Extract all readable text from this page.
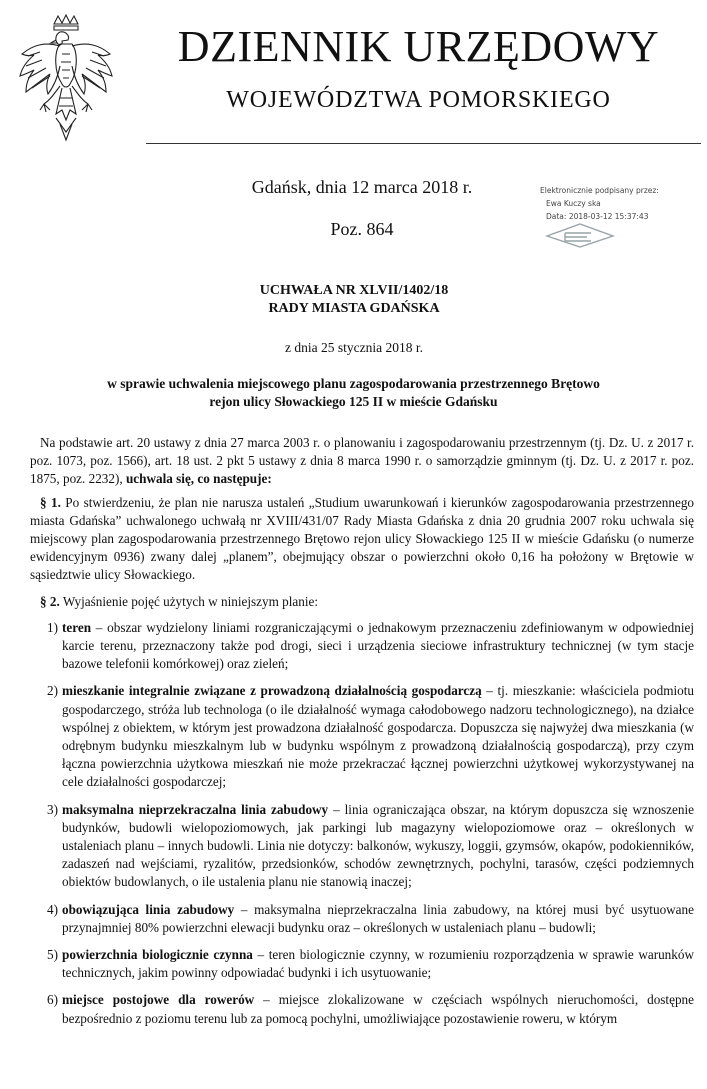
DZIENNIK URZĘDOWY
WOJEWÓDZTWA POMORSKIEGO
Gdańsk, dnia 12 marca 2018 r.
Poz. 864
Elektronicznie podpisany przez:
Ewa Kuczy ska
Data: 2018-03-12 15:37:43
UCHWAŁA NR XLVII/1402/18
RADY MIASTA GDAŃSKA
z dnia 25 stycznia 2018 r.
w sprawie uchwalenia miejscowego planu zagospodarowania przestrzennego Brętowo
rejon ulicy Słowackiego 125 II w mieście Gdańsku

Na podstawie art. 20 ustawy z dnia 27 marca 2003 r. o planowaniu i zagospodarowaniu przestrzennym (tj. Dz. U. z 2017 r. poz. 1073, poz. 1566), art. 18 ust. 2 pkt 5 ustawy z dnia 8 marca 1990 r. o samorządzie gminnym (tj. Dz. U. z 2017 r. poz. 1875, poz. 2232), uchwala się, co następuje:

§ 1. Po stwierdzeniu, że plan nie narusza ustaleń „Studium uwarunkowań i kierunków zagospodarowania przestrzennego miasta Gdańska” uchwalonego uchwałą nr XVIII/431/07 Rady Miasta Gdańska z dnia 20 grudnia 2007 roku uchwala się miejscowy plan zagospodarowania przestrzennego Brętowo rejon ulicy Słowackiego 125 II w mieście Gdańsku (o numerze ewidencyjnym 0936) zwany dalej „planem”, obejmujący obszar o powierzchni około 0,16 ha położony w Brętowie w sąsiedztwie ulicy Słowackiego.

§ 2. Wyjaśnienie pojęć użytych w niniejszym planie:

1) teren – obszar wydzielony liniami rozgraniczającymi o jednakowym przeznaczeniu zdefiniowanym w odpowiedniej karcie terenu, przeznaczony także pod drogi, sieci i urządzenia sieciowe infrastruktury technicznej (w tym stacje bazowe telefonii komórkowej) oraz zieleń;
2) mieszkanie integralnie związane z prowadzoną działalnością gospodarczą – tj. mieszkanie: właściciela podmiotu gospodarczego, stróża lub technologa (o ile działalność wymaga całodobowego nadzoru technologicznego), na działce wspólnej z obiektem, w którym jest prowadzona działalność gospodarcza. Dopuszcza się najwyżej dwa mieszkania (w odrębnym budynku mieszkalnym lub w budynku wspólnym z prowadzoną działalnością gospodarczą), przy czym łączna powierzchnia użytkowa mieszkań nie może przekraczać łącznej powierzchni użytkowej wykorzystywanej na cele działalności gospodarczej;
3) maksymalna nieprzekraczalna linia zabudowy – linia ograniczająca obszar, na którym dopuszcza się wznoszenie budynków, budowli wielopoziomowych, jak parkingi lub magazyny wielopoziomowe oraz – określonych w ustaleniach planu – innych budowli. Linia nie dotyczy: balkonów, wykuszy, loggii, gzymsów, okapów, podokienników, zadaszeń nad wejściami, ryzalitów, przedsionków, schodów zewnętrznych, pochylni, tarasów, części podziemnych obiektów budowlanych, o ile ustalenia planu nie stanowią inaczej;
4) obowiązująca linia zabudowy – maksymalna nieprzekraczalna linia zabudowy, na której musi być usytuowane przynajmniej 80% powierzchni elewacji budynku oraz – określonych w ustaleniach planu – budowli;
5) powierzchnia biologicznie czynna – teren biologicznie czynny, w rozumieniu rozporządzenia w sprawie warunków technicznych, jakim powinny odpowiadać budynki i ich usytuowanie;
6) miejsce postojowe dla rowerów – miejsce zlokalizowane w częściach wspólnych nieruchomości, dostępne bezpośrednio z poziomu terenu lub za pomocą pochylni, umożliwiające pozostawienie roweru, w którym
